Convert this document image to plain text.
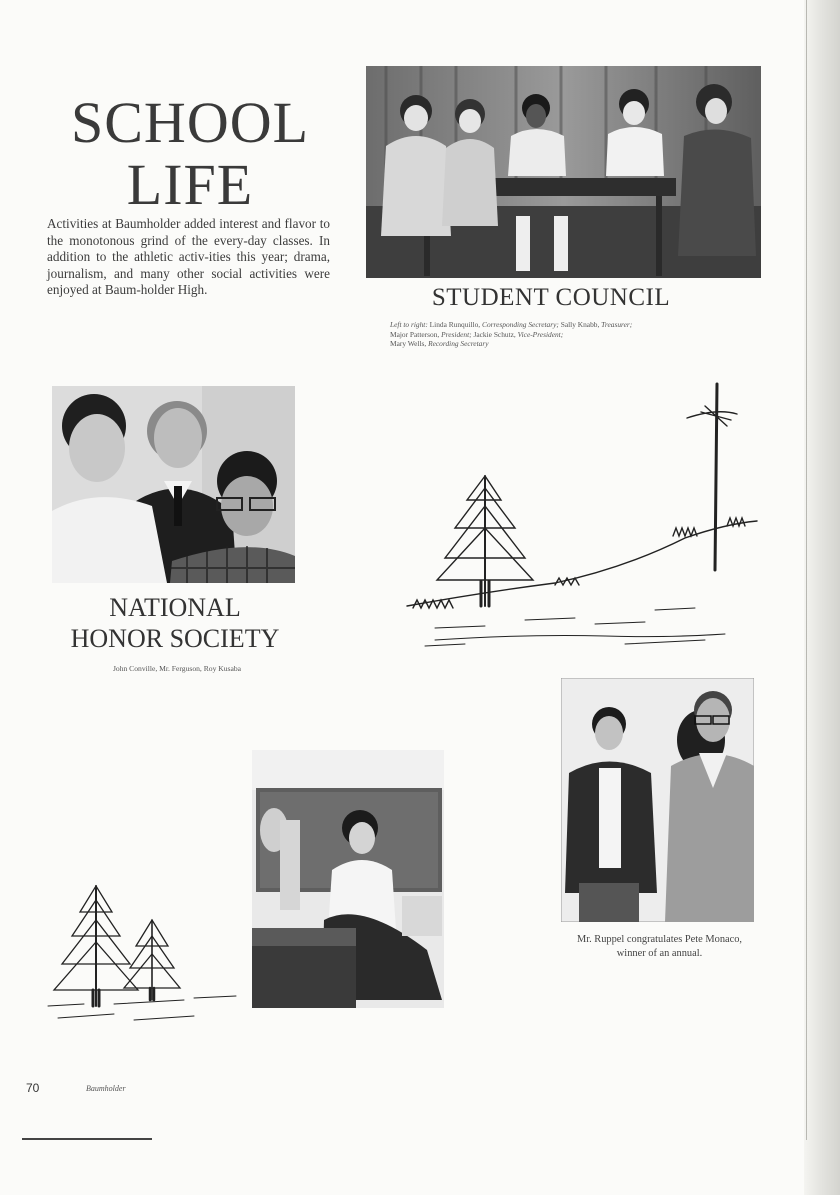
SCHOOL
LIFE
Activities at Baumholder added interest and flavor to the monotonous grind of the every-day classes. In addition to the athletic activ-ities this year; drama, journalism, and many other social activities were enjoyed at Baum-holder High.	STUDENT COUNCIL
Left to right: Linda Runquillo, Corresponding Secretary; Sally Knabb, Treasurer;
Major Patterson, President; Jackie Schutz, Vice-President;
Mary Wells, Recording Secretary
NATIONAL
HONOR SOCIETY
John Conville, Mr. Ferguson, Roy Kusaba
Mr. Ruppel congratulates Pete Monaco, winner of an annual.
70	Baumholder
